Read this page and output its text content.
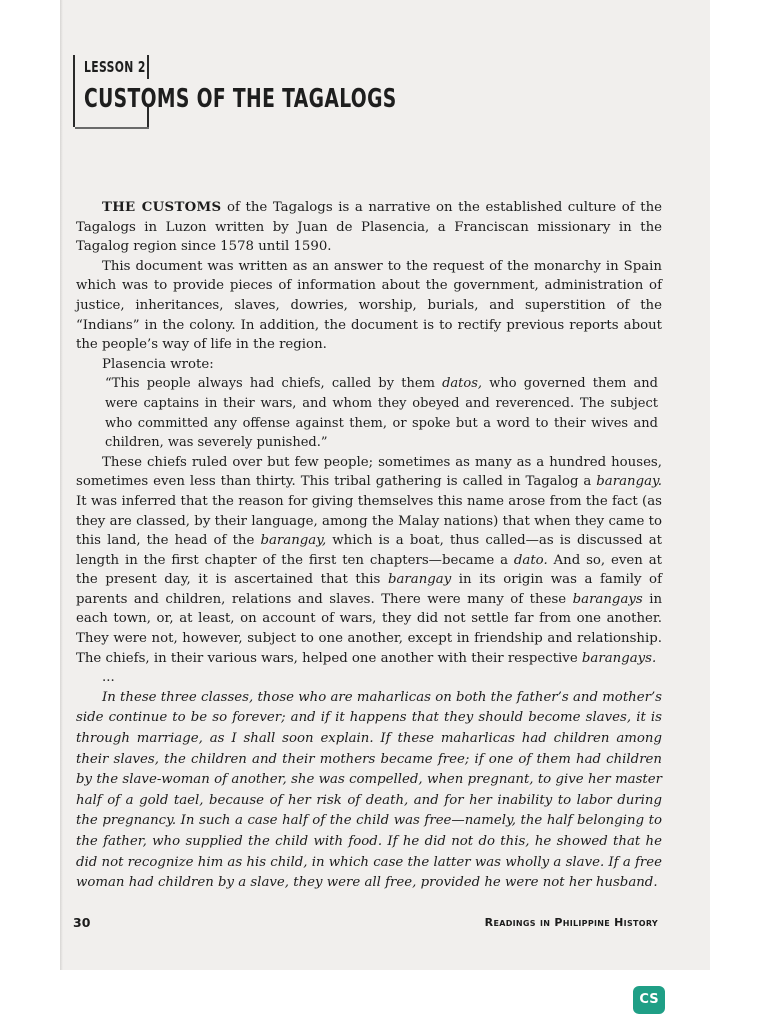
LESSON 2
CUSTOMS OF THE TAGALOGS

THE CUSTOMS of the Tagalogs is a narrative on the established culture of the Tagalogs in Luzon written by Juan de Plasencia, a Franciscan missionary in the Tagalog region since 1578 until 1590.

This document was written as an answer to the request of the monarchy in Spain which was to provide pieces of information about the government, administration of justice, inheritances, slaves, dowries, worship, burials, and superstition of the “Indians” in the colony. In addition, the document is to rectify previous reports about the people’s way of life in the region.

Plasencia wrote:

“This people always had chiefs, called by them datos, who governed them and were captains in their wars, and whom they obeyed and reverenced. The subject who committed any offense against them, or spoke but a word to their wives and children, was severely punished.”

These chiefs ruled over but few people; sometimes as many as a hundred houses, sometimes even less than thirty. This tribal gathering is called in Tagalog a barangay. It was inferred that the reason for giving themselves this name arose from the fact (as they are classed, by their language, among the Malay nations) that when they came to this land, the head of the barangay, which is a boat, thus called—as is discussed at length in the first chapter of the first ten chapters—became a dato. And so, even at the present day, it is ascertained that this barangay in its origin was a family of parents and children, relations and slaves. There were many of these barangays in each town, or, at least, on account of wars, they did not settle far from one another. They were not, however, subject to one another, except in friendship and relationship. The chiefs, in their various wars, helped one another with their respective barangays.

...

In these three classes, those who are maharlicas on both the father’s and mother’s side continue to be so forever; and if it happens that they should become slaves, it is through marriage, as I shall soon explain. If these maharlicas had children among their slaves, the children and their mothers became free; if one of them had children by the slave-woman of another, she was compelled, when pregnant, to give her master half of a gold tael, because of her risk of death, and for her inability to labor during the pregnancy. In such a case half of the child was free—namely, the half belonging to the father, who supplied the child with food. If he did not do this, he showed that he did not recognize him as his child, in which case the latter was wholly a slave. If a free woman had children by a slave, they were all free, provided he were not her husband.

30	Readings in Philippine History
CS
